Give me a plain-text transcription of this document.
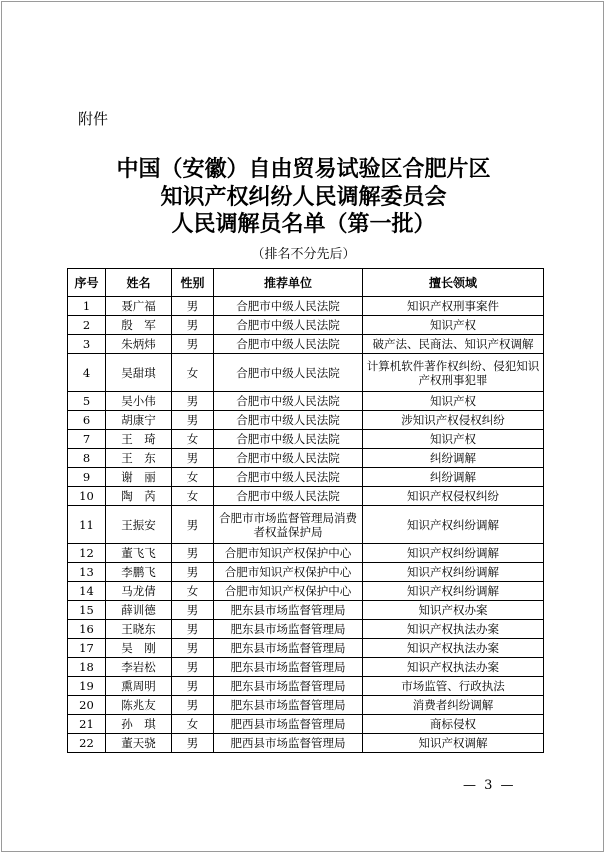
附件
中国（安徽）自由贸易试验区合肥片区
知识产权纠纷人民调解委员会
人民调解员名单（第一批）
（排名不分先后）
序号	姓名	性别	推荐单位	擅长领域
1	聂广福	男	合肥市中级人民法院	知识产权刑事案件
2	殷　军	男	合肥市中级人民法院	知识产权
3	朱炳炜	男	合肥市中级人民法院	破产法、民商法、知识产权调解
4	吴甜琪	女	合肥市中级人民法院	计算机软件著作权纠纷、侵犯知识产权刑事犯罪
5	吴小伟	男	合肥市中级人民法院	知识产权
6	胡康宁	男	合肥市中级人民法院	涉知识产权侵权纠纷
7	王　琦	女	合肥市中级人民法院	知识产权
8	王　东	男	合肥市中级人民法院	纠纷调解
9	谢　丽	女	合肥市中级人民法院	纠纷调解
10	陶　芮	女	合肥市中级人民法院	知识产权侵权纠纷
11	王振安	男	合肥市市场监督管理局消费者权益保护局	知识产权纠纷调解
12	董飞飞	男	合肥市知识产权保护中心	知识产权纠纷调解
13	李鹏飞	男	合肥市知识产权保护中心	知识产权纠纷调解
14	马龙倩	女	合肥市知识产权保护中心	知识产权纠纷调解
15	薛训德	男	肥东县市场监督管理局	知识产权办案
16	王晓东	男	肥东县市场监督管理局	知识产权执法办案
17	吴　刚	男	肥东县市场监督管理局	知识产权执法办案
18	李岩松	男	肥东县市场监督管理局	知识产权执法办案
19	熏周明	男	肥东县市场监督管理局	市场监管、行政执法
20	陈兆友	男	肥东县市场监督管理局	消费者纠纷调解
21	孙　琪	女	肥西县市场监督管理局	商标侵权
22	董天骁	男	肥西县市场监督管理局	知识产权调解
— 3 —
